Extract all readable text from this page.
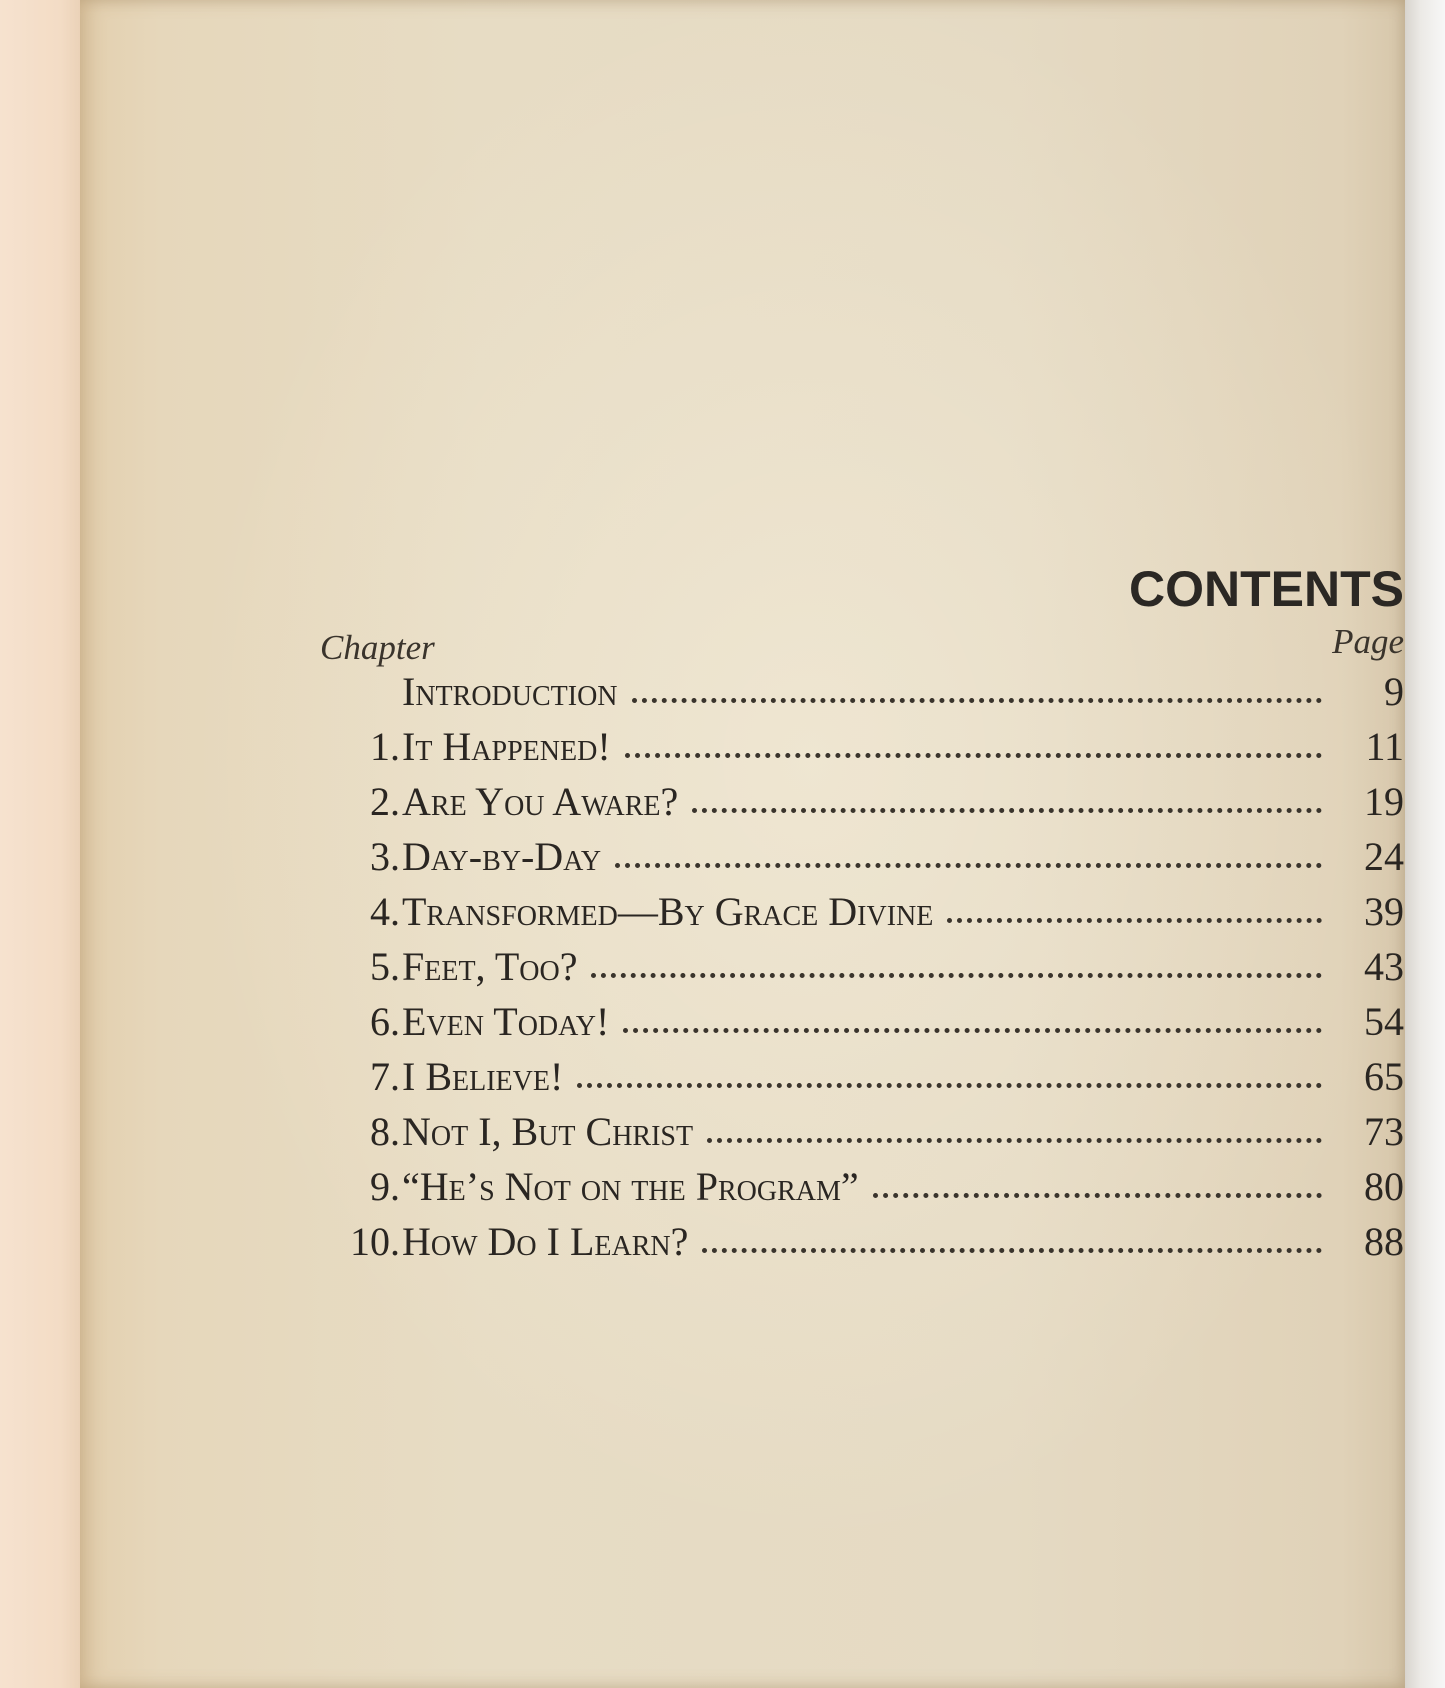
CONTENTS
Chapter	Page
Introduction	9
1. It Happened!	11
2. Are You Aware?	19
3. Day-by-Day	24
4. Transformed—By Grace Divine	39
5. Feet, Too?	43
6. Even Today!	54
7. I Believe!	65
8. Not I, But Christ	73
9. “He’s Not on the Program”	80
10. How Do I Learn?	88
